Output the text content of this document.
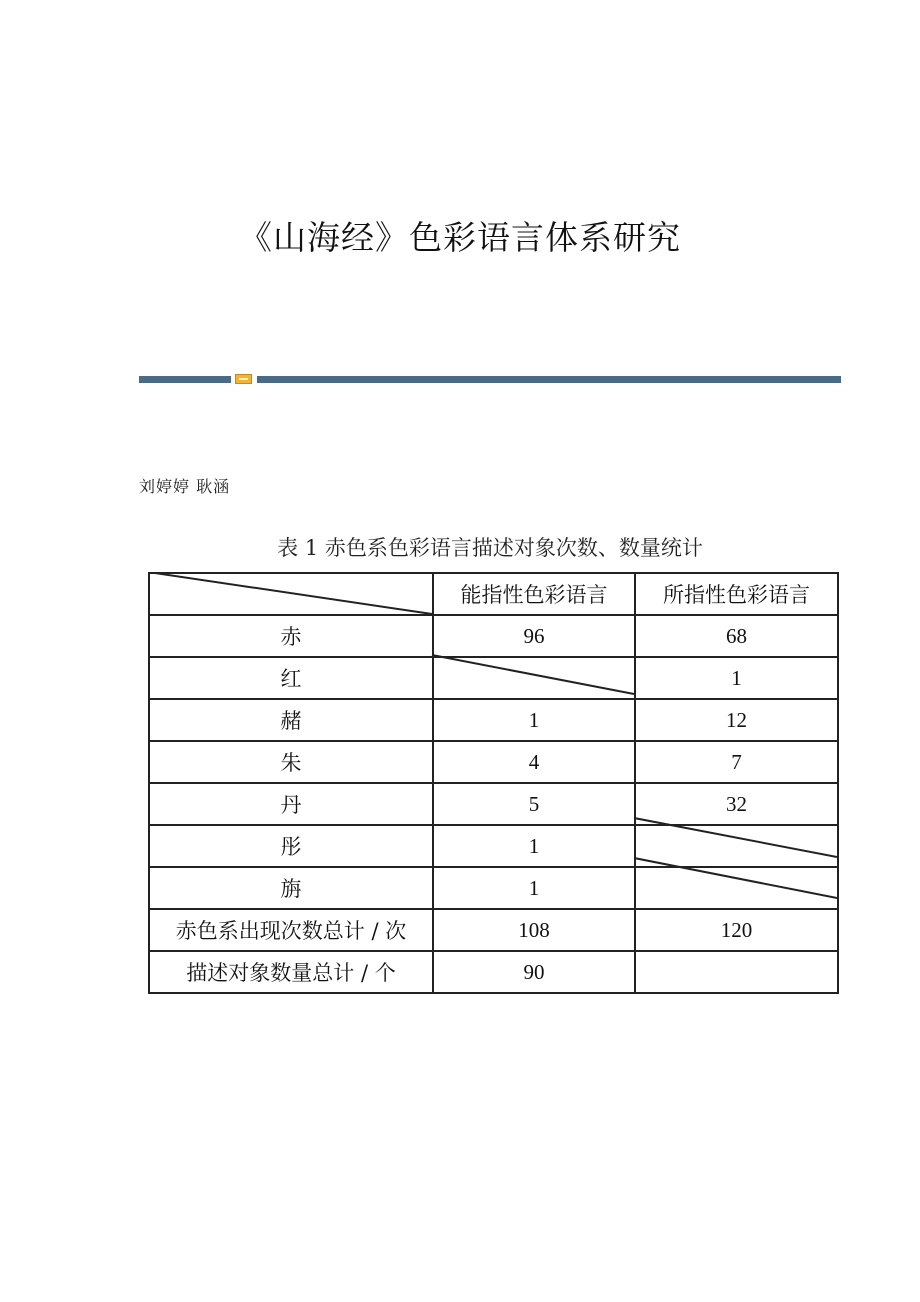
《山海经》色彩语言体系研究
刘婷婷 耿涵
表 1 赤色系色彩语言描述对象次数、数量统计
	能指性色彩语言	所指性色彩语言
赤	96	68
红		1
赭	1	12
朱	4	7
丹	5	32
彤	1	
旃	1	
赤色系出现次数总计 / 次	108	120
描述对象数量总计 / 个	90	
